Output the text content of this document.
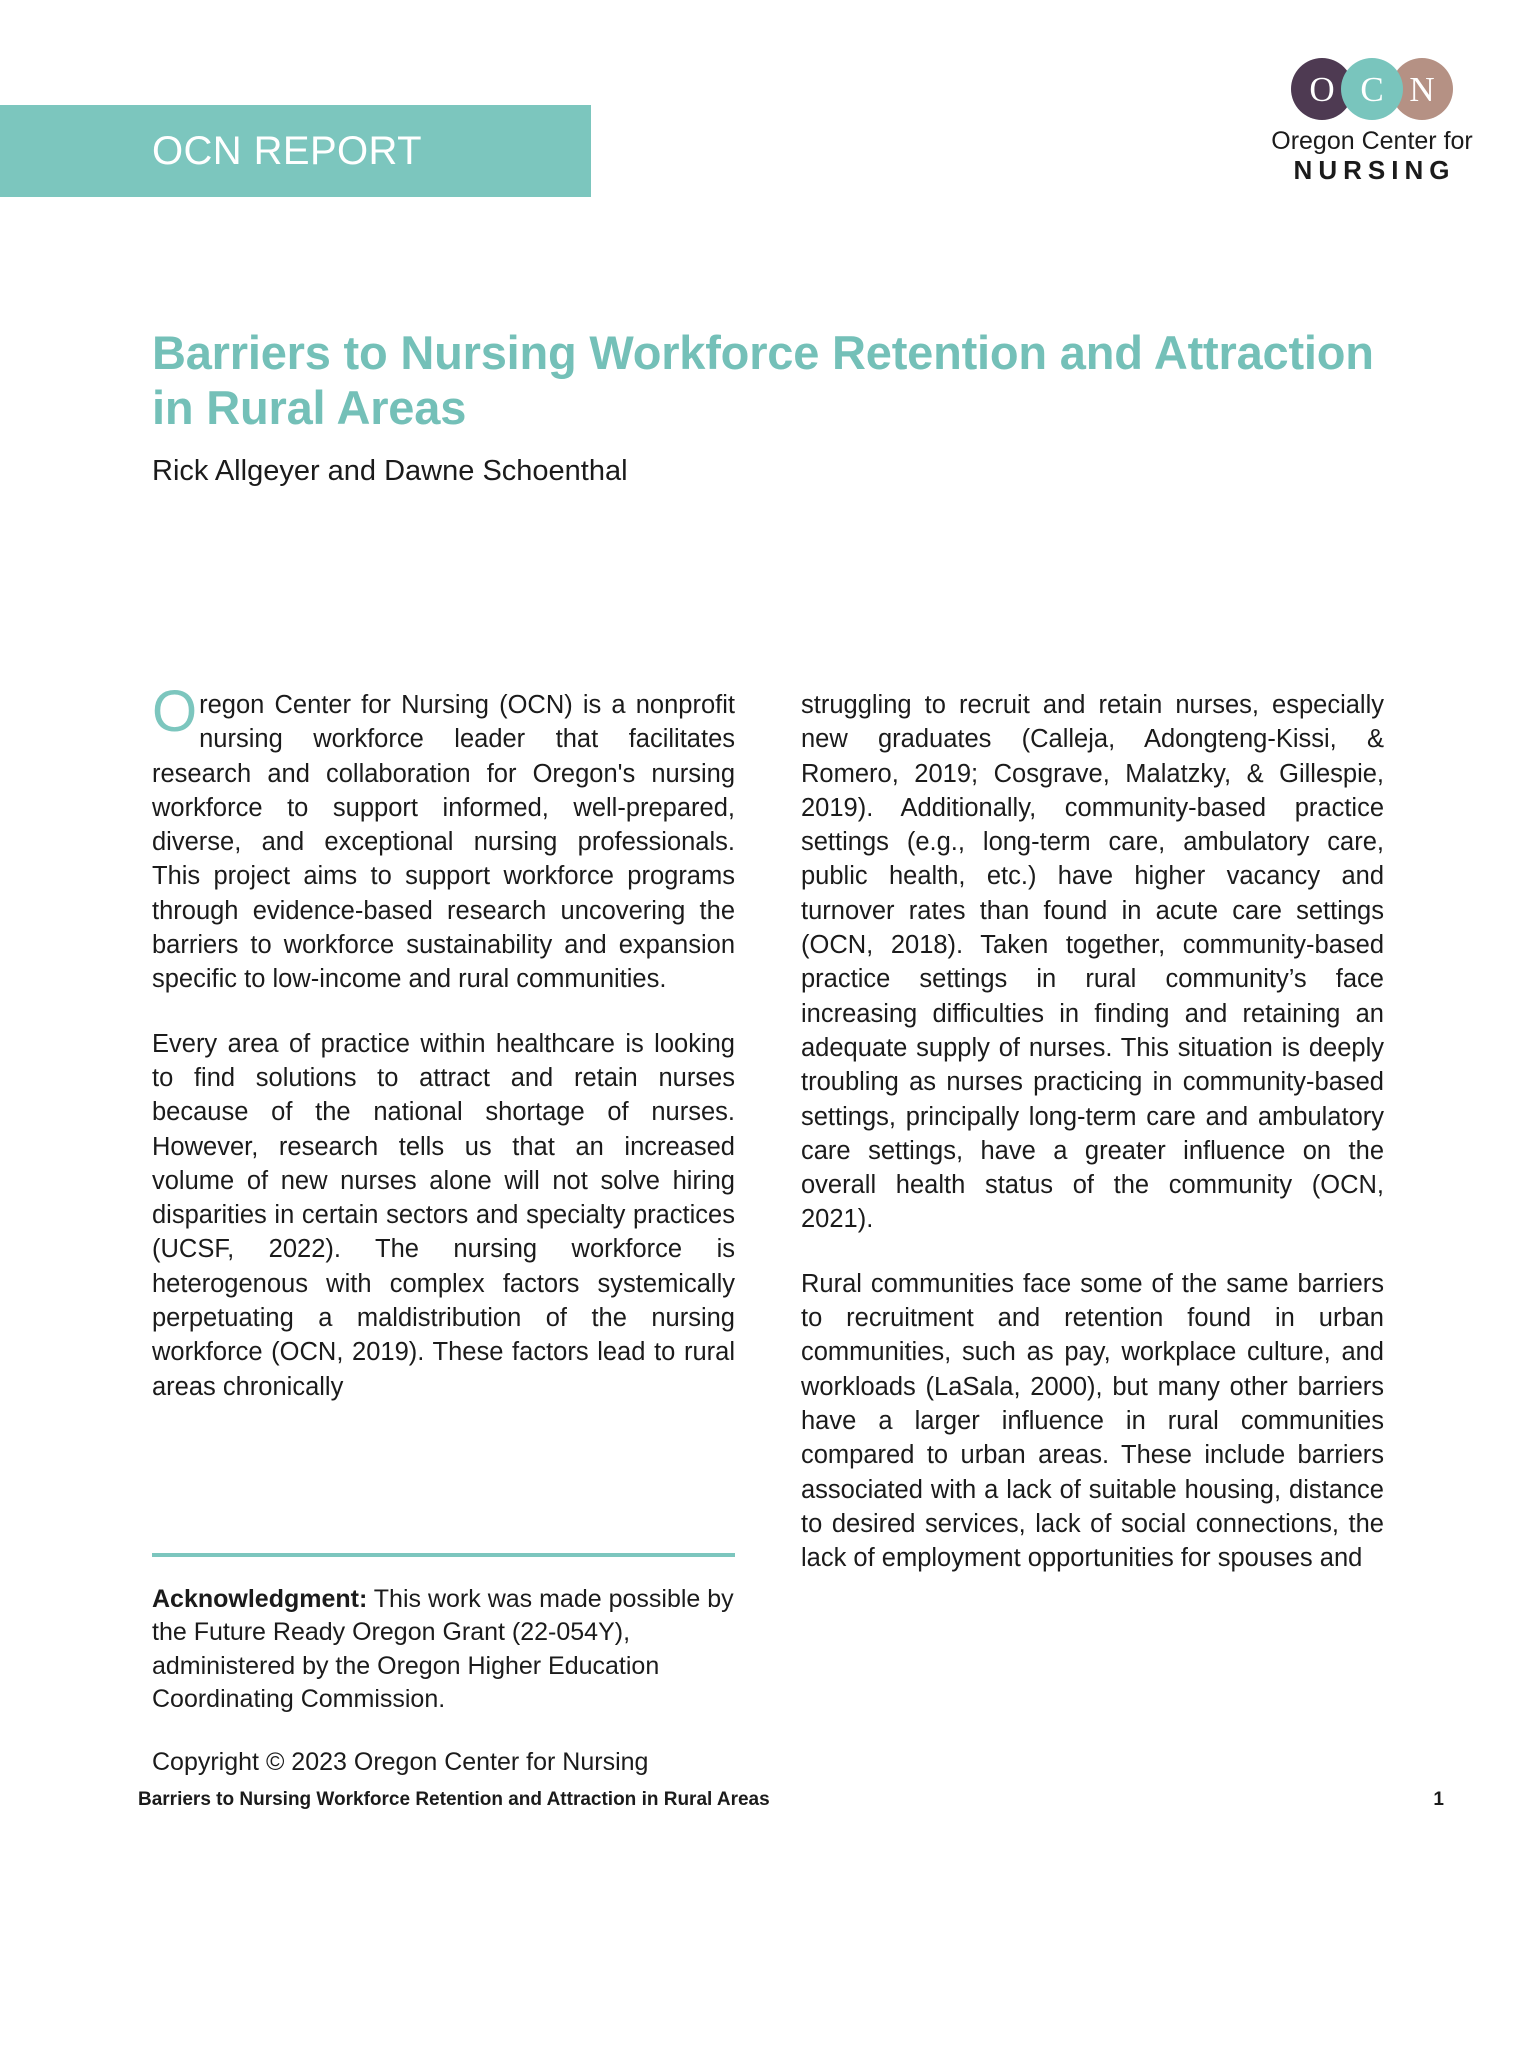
OCN REPORT
O C N
Oregon Center for
NURSING
Barriers to Nursing Workforce Retention and Attraction in Rural Areas
Rick Allgeyer and Dawne Schoenthal

Oregon Center for Nursing (OCN) is a nonprofit nursing workforce leader that facilitates research and collaboration for Oregon's nursing workforce to support informed, well-prepared, diverse, and exceptional nursing professionals. This project aims to support workforce programs through evidence-based research uncovering the barriers to workforce sustainability and expansion specific to low-income and rural communities.

Every area of practice within healthcare is looking to find solutions to attract and retain nurses because of the national shortage of nurses. However, research tells us that an increased volume of new nurses alone will not solve hiring disparities in certain sectors and specialty practices (UCSF, 2022). The nursing workforce is heterogenous with complex factors systemically perpetuating a maldistribution of the nursing workforce (OCN, 2019). These factors lead to rural areas chronically

struggling to recruit and retain nurses, especially new graduates (Calleja, Adongteng-Kissi, & Romero, 2019; Cosgrave, Malatzky, & Gillespie, 2019). Additionally, community-based practice settings (e.g., long-term care, ambulatory care, public health, etc.) have higher vacancy and turnover rates than found in acute care settings (OCN, 2018). Taken together, community-based practice settings in rural community’s face increasing difficulties in finding and retaining an adequate supply of nurses. This situation is deeply troubling as nurses practicing in community-based settings, principally long-term care and ambulatory care settings, have a greater influence on the overall health status of the community (OCN, 2021).

Rural communities face some of the same barriers to recruitment and retention found in urban communities, such as pay, workplace culture, and workloads (LaSala, 2000), but many other barriers have a larger influence in rural communities compared to urban areas. These include barriers associated with a lack of suitable housing, distance to desired services, lack of social connections, the lack of employment opportunities for spouses and

Acknowledgment: This work was made possible by the Future Ready Oregon Grant (22-054Y), administered by the Oregon Higher Education Coordinating Commission.

Copyright © 2023 Oregon Center for Nursing

Barriers to Nursing Workforce Retention and Attraction in Rural Areas	1
